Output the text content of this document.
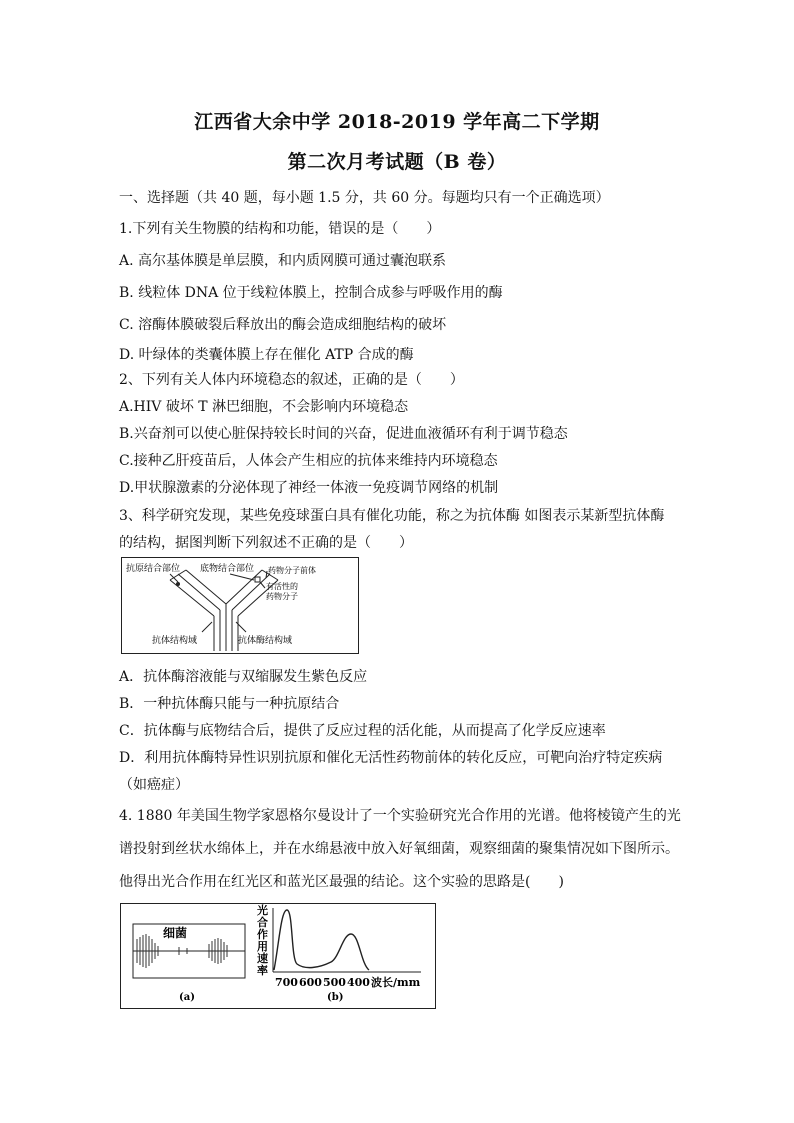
江西省大余中学 2018-2019 学年高二下学期
第二次月考试题（B 卷）
一、选择题（共 40 题，每小题 1.5 分，共 60 分。每题均只有一个正确选项）
1.下列有关生物膜的结构和功能，错误的是（　　）
A. 高尔基体膜是单层膜，和内质网膜可通过囊泡联系
B. 线粒体 DNA 位于线粒体膜上，控制合成参与呼吸作用的酶
C. 溶酶体膜破裂后释放出的酶会造成细胞结构的破坏
D. 叶绿体的类囊体膜上存在催化 ATP 合成的酶
2、下列有关人体内环境稳态的叙述，正确的是（　　）
A.HIV 破坏 T 淋巴细胞，不会影响内环境稳态
B.兴奋剂可以使心脏保持较长时间的兴奋，促进血液循环有利于调节稳态
C.接种乙肝疫苗后，人体会产生相应的抗体来维持内环境稳态
D.甲状腺激素的分泌体现了神经一体液一免疫调节网络的机制
3、科学研究发现，某些免疫球蛋白具有催化功能，称之为抗体酶 如图表示某新型抗体酶
的结构，据图判断下列叙述不正确的是（　　）
抗原结合部位 底物结合部位 药物分子前体
有活性的
药物分子
抗体结构域	抗体酶结构域
A．抗体酶溶液能与双缩脲发生紫色反应
B．一种抗体酶只能与一种抗原结合
C．抗体酶与底物结合后，提供了反应过程的活化能，从而提高了化学反应速率
D．利用抗体酶特异性识别抗原和催化无活性药物前体的转化反应，可靶向治疗特定疾病
（如癌症）
4. 1880 年美国生物学家恩格尔曼设计了一个实验研究光合作用的光谱。他将棱镜产生的光
谱投射到丝状水绵体上，并在水绵悬液中放入好氧细菌，观察细菌的聚集情况如下图所示。
他得出光合作用在红光区和蓝光区最强的结论。这个实验的思路是(　　)
细菌
(a)
光 合 作 用 速 率
700 600 500 400 波长/mm
(b)
